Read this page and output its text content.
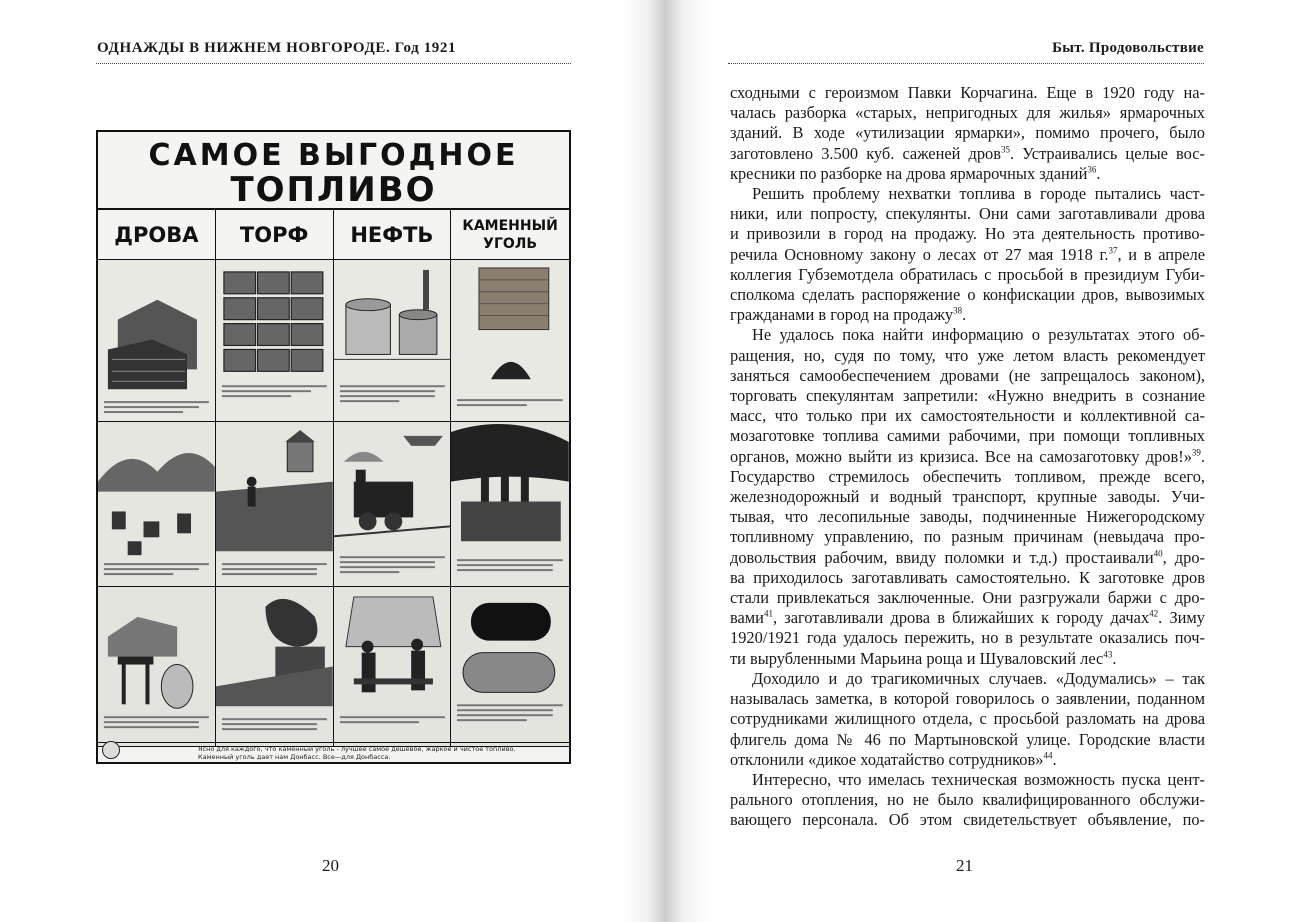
ОДНАЖДЫ В НИЖНЕМ НОВГОРОДЕ. Год 1921
САМОЕ ВЫГОДНОЕ
ТОПЛИВО
ДРОВА	ТОРФ	НЕФТЬ	КАМЕННЫЙ УГОЛЬ
Ясно для каждого, что каменный уголь - лучшее самое дешевое, жаркое и чистое топливо.
Каменный уголь дает нам Донбасс. Все—для Донбасса.
20
Быт. Продовольствие
21
сходными с героизмом Павки Корчагина. Еще в 1920 году на-
чалась разборка «старых, непригодных для жилья» ярмарочных
зданий. В ходе «утилизации ярмарки», помимо прочего, было
заготовлено 3.500 куб. саженей дров$^{35}$. Устраивались целые вос-
кресники по разборке на дрова ярмарочных зданий$^{36}$.
Решить проблему нехватки топлива в городе пытались част-
ники, или попросту, спекулянты. Они сами заготавливали дрова
и привозили в город на продажу. Но эта деятельность противо-
речила Основному закону о лесах от 27 мая 1918 г.$^{37}$, и в апреле
коллегия Губземотдела обратилась с просьбой в президиум Губи-
сполкома сделать распоряжение о конфискации дров, вывозимых
гражданами в город на продажу$^{38}$.
Не удалось пока найти информацию о результатах этого об-
ращения, но, судя по тому, что уже летом власть рекомендует
заняться самообеспечением дровами (не запрещалось законом),
торговать спекулянтам запретили: «Нужно внедрить в сознание
масс, что только при их самостоятельности и коллективной са-
мозаготовке топлива самими рабочими, при помощи топливных
органов, можно выйти из кризиса. Все на самозаготовку дров!»$^{39}$.
Государство стремилось обеспечить топливом, прежде всего,
железнодорожный и водный транспорт, крупные заводы. Учи-
тывая, что лесопильные заводы, подчиненные Нижегородскому
топливному управлению, по разным причинам (невыдача про-
довольствия рабочим, ввиду поломки и т.д.) простаивали$^{40}$, дро-
ва приходилось заготавливать самостоятельно. К заготовке дров
стали привлекаться заключенные. Они разгружали баржи с дро-
вами$^{41}$, заготавливали дрова в ближайших к городу дачах$^{42}$. Зиму
1920/1921 года удалось пережить, но в результате оказались поч-
ти вырубленными Марьина роща и Шуваловский лес$^{43}$.
Доходило и до трагикомичных случаев. «Додумались» – так
называлась заметка, в которой говорилось о заявлении, поданном
сотрудниками жилищного отдела, с просьбой разломать на дрова
флигель дома № 46 по Мартыновской улице. Городские власти
отклонили «дикое ходатайство сотрудников»$^{44}$.
Интересно, что имелась техническая возможность пуска цент-
рального отопления, но не было квалифицированного обслужи-
вающего персонала. Об этом свидетельствует объявление, по-
